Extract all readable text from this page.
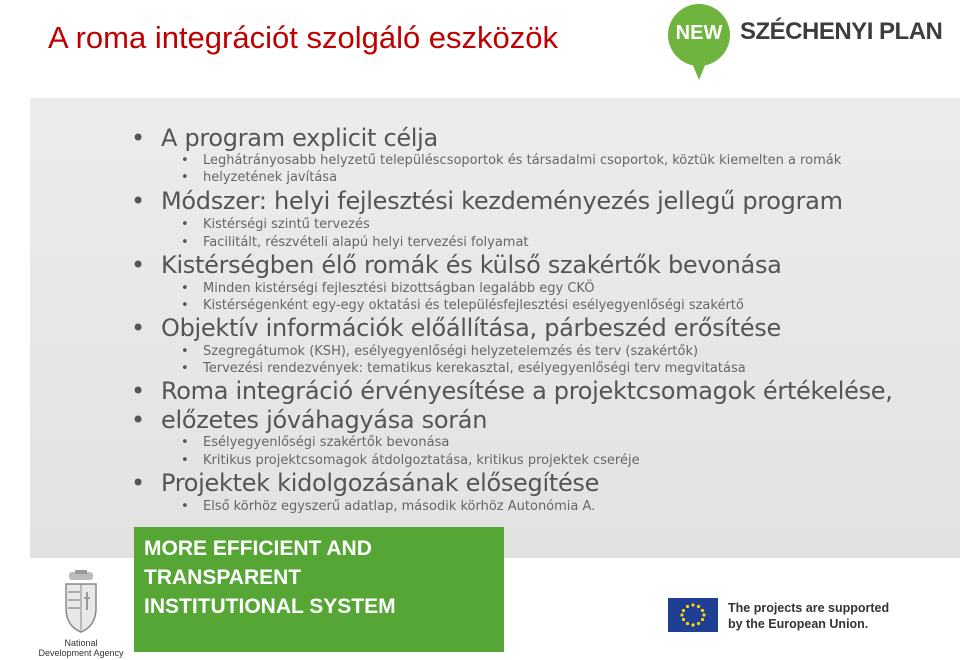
A roma integrációt szolgáló eszközök	NEW SZÉCHENYI PLAN
• A program explicit célja
• Leghátrányosabb helyzetű településcsoportok és társadalmi csoportok, köztük kiemelten a romák
helyzetének javítása
• Módszer: helyi fejlesztési kezdeményezés jellegű program
• Kistérségi szintű tervezés
• Facilitált, részvételi alapú helyi tervezési folyamat
• Kistérségben élő romák és külső szakértők bevonása
• Minden kistérségi fejlesztési bizottságban legalább egy CKÖ
• Kistérségenként egy-egy oktatási és településfejlesztési esélyegyenlőségi szakértő
• Objektív információk előállítása, párbeszéd erősítése
• Szegregátumok (KSH), esélyegyenlőségi helyzetelemzés és terv (szakértők)
• Tervezési rendezvények: tematikus kerekasztal, esélyegyenlőségi terv megvitatása
• Roma integráció érvényesítése a projektcsomagok értékelése,
előzetes jóváhagyása során
• Esélyegyenlőségi szakértők bevonása
• Kritikus projektcsomagok átdolgoztatása, kritikus projektek cseréje
• Projektek kidolgozásának elősegítése
• Első körhöz egyszerű adatlap, második körhöz Autonómia A.
MORE EFFICIENT AND
TRANSPARENT
INSTITUTIONAL SYSTEM
National
Development Agency
The projects are supported
by the European Union.
